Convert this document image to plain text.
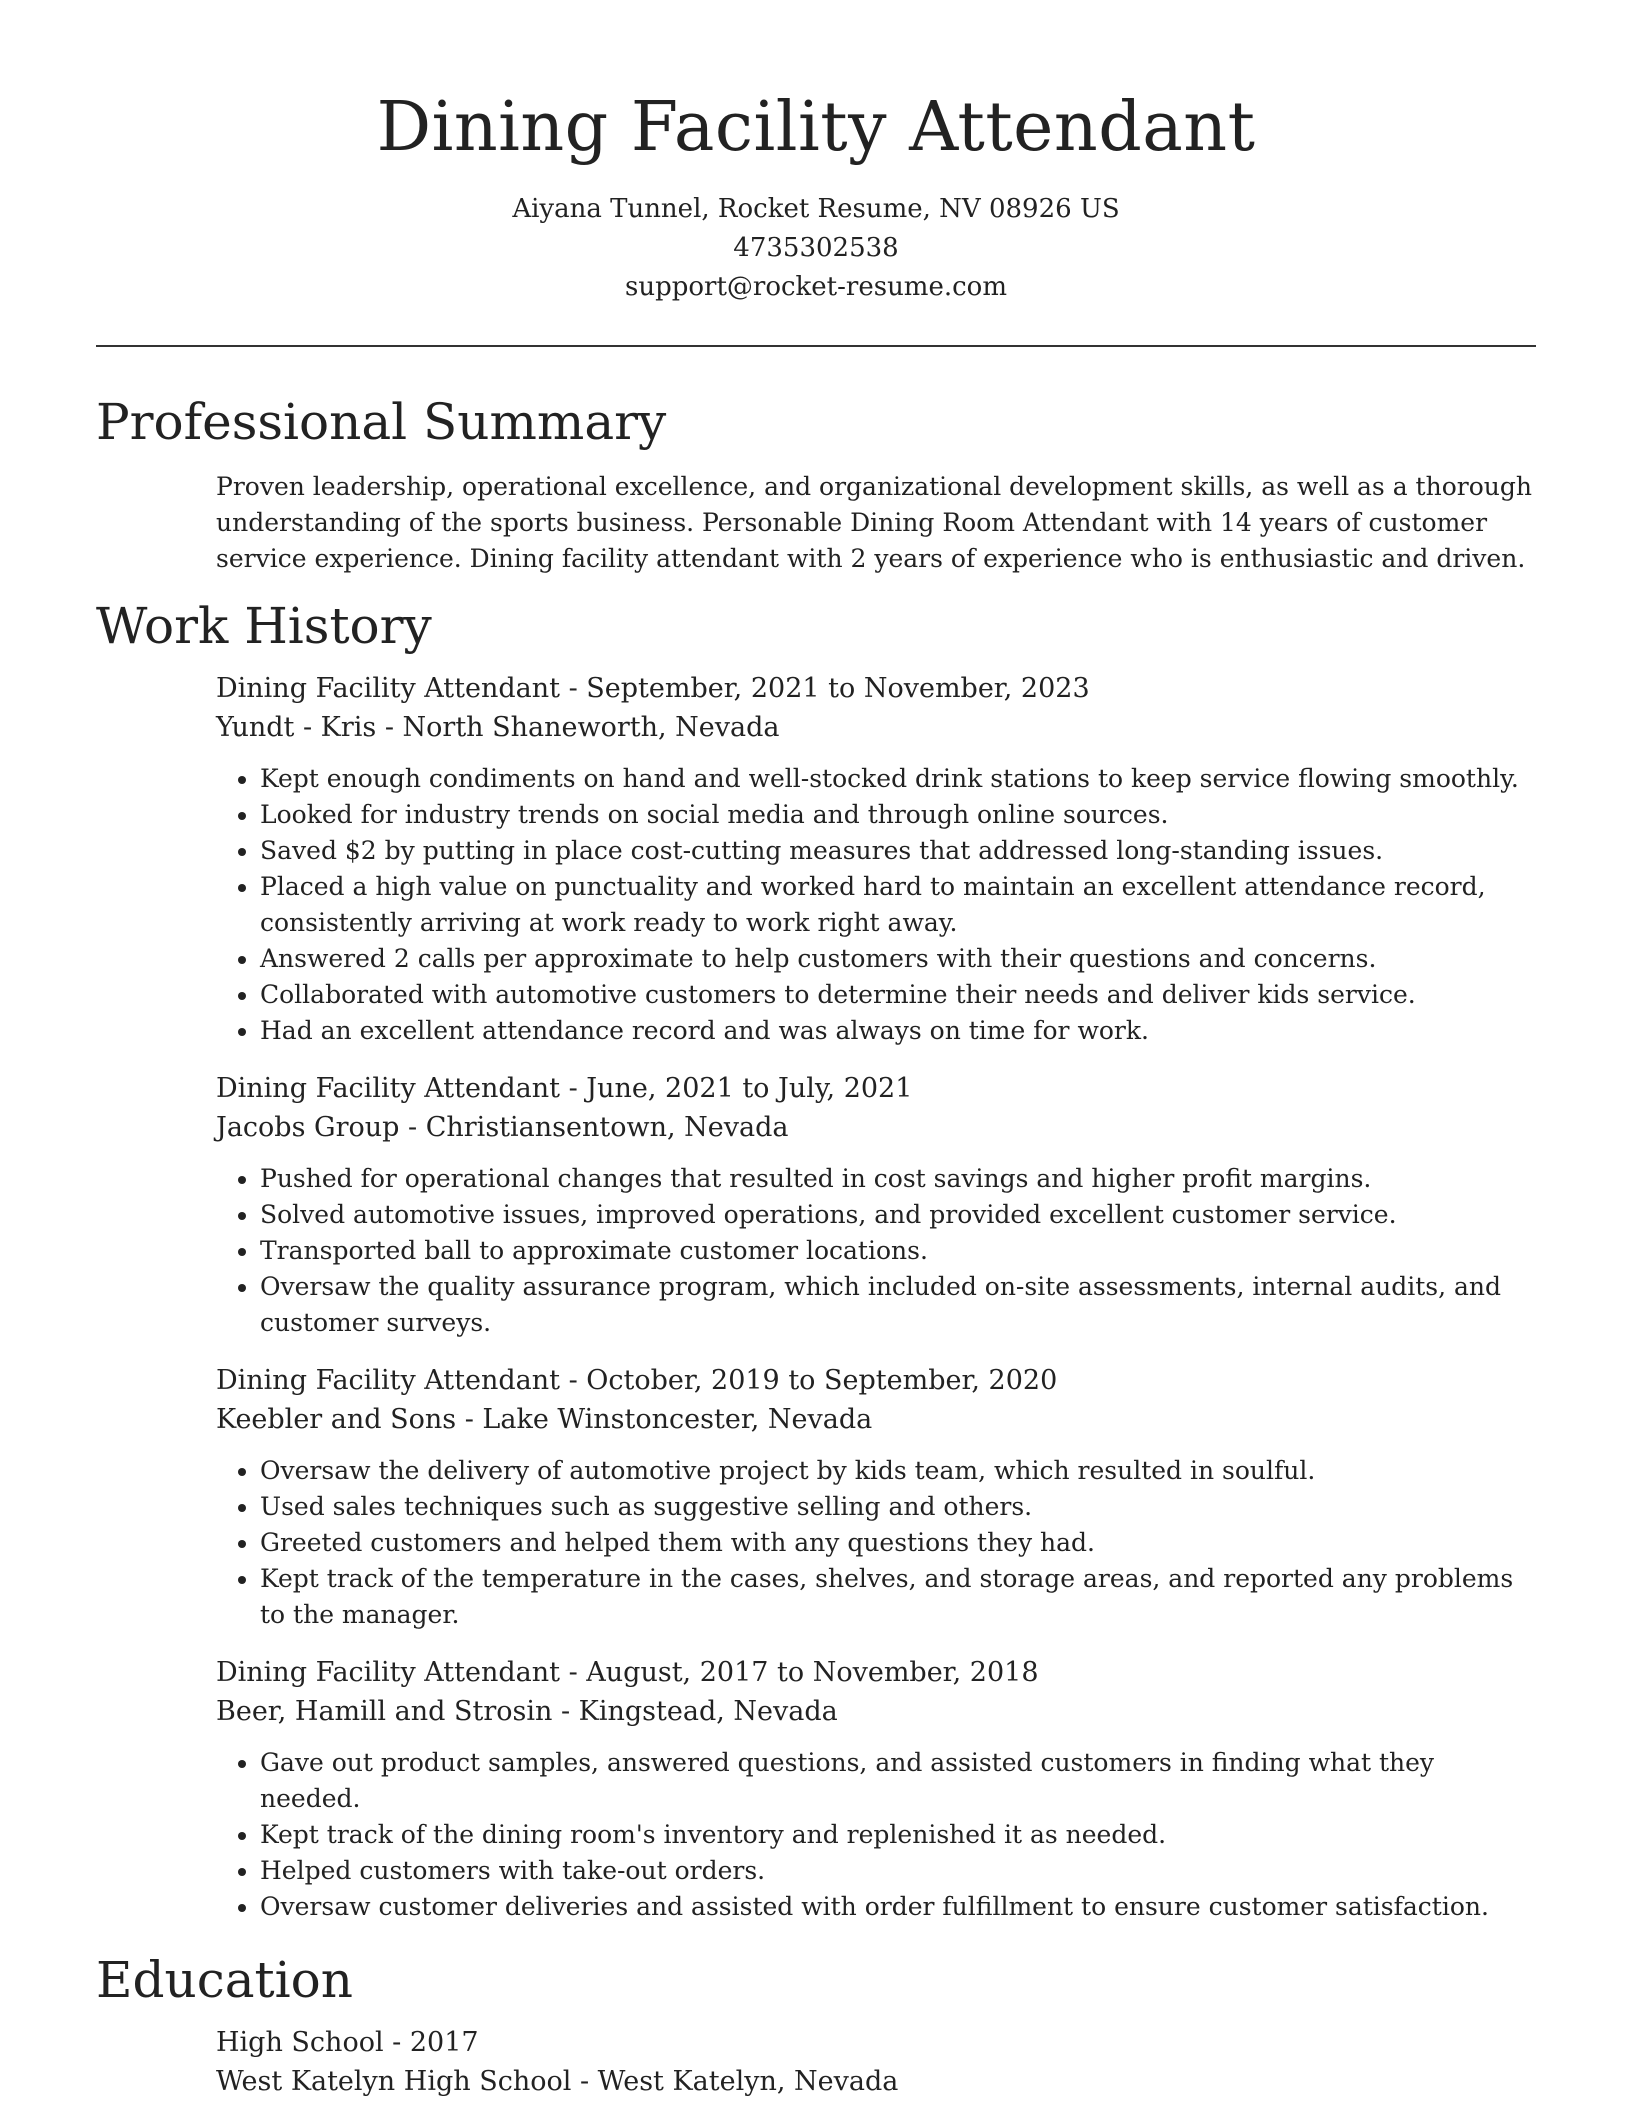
Dining Facility Attendant

Aiyana Tunnel, Rocket Resume, NV 08926 US

4735302538

support@rocket-resume.com

Professional Summary

Proven leadership, operational excellence, and organizational development skills, as well as a thorough understanding of the sports business. Personable Dining Room Attendant with 14 years of customer service experience. Dining facility attendant with 2 years of experience who is enthusiastic and driven.

Work History

Dining Facility Attendant - September, 2021 to November, 2023

Yundt - Kris - North Shaneworth, Nevada

• Kept enough condiments on hand and well-stocked drink stations to keep service flowing smoothly.
• Looked for industry trends on social media and through online sources.
• Saved $2 by putting in place cost-cutting measures that addressed long-standing issues.
• Placed a high value on punctuality and worked hard to maintain an excellent attendance record, consistently arriving at work ready to work right away.
• Answered 2 calls per approximate to help customers with their questions and concerns.
• Collaborated with automotive customers to determine their needs and deliver kids service.
• Had an excellent attendance record and was always on time for work.

Dining Facility Attendant - June, 2021 to July, 2021

Jacobs Group - Christiansentown, Nevada

• Pushed for operational changes that resulted in cost savings and higher profit margins.
• Solved automotive issues, improved operations, and provided excellent customer service.
• Transported ball to approximate customer locations.
• Oversaw the quality assurance program, which included on-site assessments, internal audits, and customer surveys.

Dining Facility Attendant - October, 2019 to September, 2020

Keebler and Sons - Lake Winstoncester, Nevada

• Oversaw the delivery of automotive project by kids team, which resulted in soulful.
• Used sales techniques such as suggestive selling and others.
• Greeted customers and helped them with any questions they had.
• Kept track of the temperature in the cases, shelves, and storage areas, and reported any problems to the manager.

Dining Facility Attendant - August, 2017 to November, 2018

Beer, Hamill and Strosin - Kingstead, Nevada

• Gave out product samples, answered questions, and assisted customers in finding what they needed.
• Kept track of the dining room's inventory and replenished it as needed.
• Helped customers with take-out orders.
• Oversaw customer deliveries and assisted with order fulfillment to ensure customer satisfaction.
Education

High School - 2017

West Katelyn High School - West Katelyn, Nevada
